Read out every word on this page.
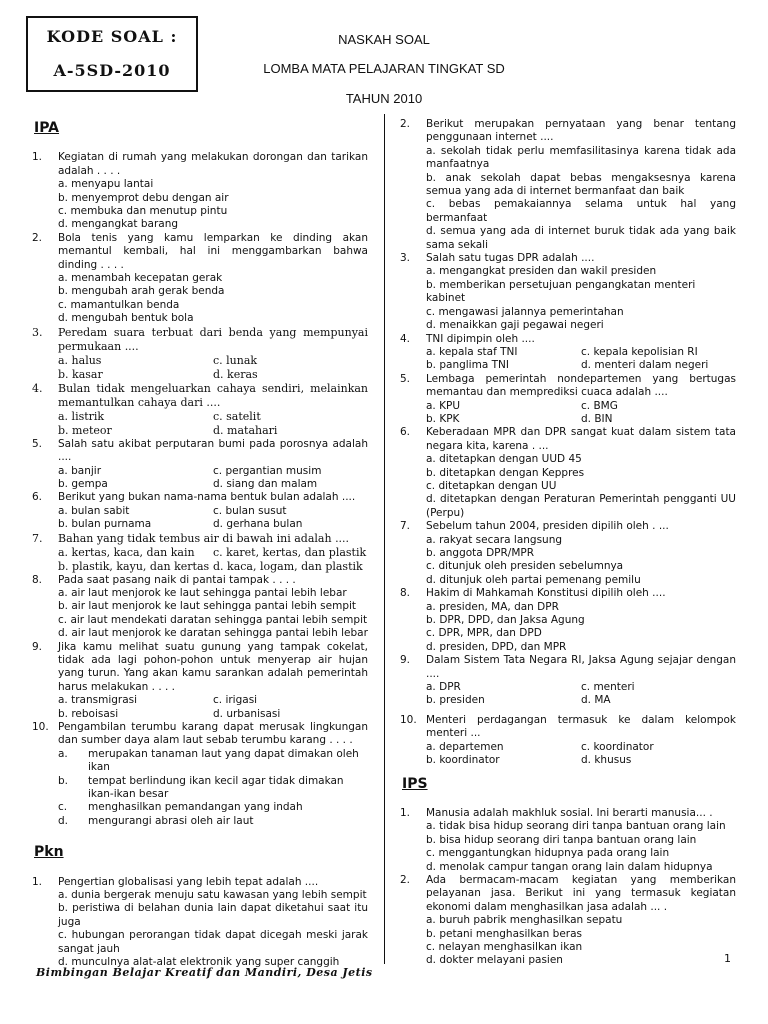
KODE SOAL :
A-5SD-2010
NASKAH SOAL
LOMBA MATA PELAJARAN TINGKAT SD
TAHUN 2010
IPA
1. Kegiatan di rumah yang melakukan dorongan dan tarikan adalah . . . .
a. menyapu lantai
b. menyemprot debu dengan air
c. membuka dan menutup pintu
d. mengangkat barang
2. Bola tenis yang kamu lemparkan ke dinding akan memantul kembali, hal ini menggambarkan bahwa dinding . . . .
a. menambah kecepatan gerak
b. mengubah arah gerak benda
c. mamantulkan benda
d. mengubah bentuk bola
3. Peredam suara terbuat dari benda yang mempunyai permukaan ....
a. halus	c. lunak
b. kasar	d. keras
4. Bulan tidak mengeluarkan cahaya sendiri, melainkan memantulkan cahaya dari ....
a. listrik	c. satelit
b. meteor	d. matahari
5. Salah satu akibat perputaran bumi pada porosnya adalah ....
a. banjir	c. pergantian musim
b. gempa	d. siang dan malam
6. Berikut yang bukan nama-nama bentuk bulan adalah ....
a. bulan sabit	c. bulan susut
b. bulan purnama	d. gerhana bulan
7. Bahan yang tidak tembus air di bawah ini adalah ....
a. kertas, kaca, dan kain	c. karet, kertas, dan plastik
b. plastik, kayu, dan kertas d. kaca, logam, dan plastik
8. Pada saat pasang naik di pantai tampak . . . .
a. air laut menjorok ke laut sehingga pantai lebih lebar
b. air laut menjorok ke laut sehingga pantai lebih sempit
c. air laut mendekati daratan sehingga pantai lebih sempit
d. air laut menjorok ke daratan sehingga pantai lebih lebar
9. Jika kamu melihat suatu gunung yang tampak cokelat, tidak ada lagi pohon-pohon untuk menyerap air hujan yang turun. Yang akan kamu sarankan adalah pemerintah harus melakukan . . . .
a. transmigrasi	c. irigasi
b. reboisasi	d. urbanisasi
10. Pengambilan terumbu karang dapat merusak lingkungan dan sumber daya alam laut sebab terumbu karang . . . .
a. merupakan tanaman laut yang dapat dimakan oleh ikan
b. tempat berlindung ikan kecil agar tidak dimakan ikan-ikan besar
c. menghasilkan pemandangan yang indah
d. mengurangi abrasi oleh air laut
Pkn
1. Pengertian globalisasi yang lebih tepat adalah ....
a. dunia bergerak menuju satu kawasan yang lebih sempit
b. peristiwa di belahan dunia lain dapat diketahui saat itu juga
c. hubungan perorangan tidak dapat dicegah meski jarak sangat jauh
d. munculnya alat-alat elektronik yang super canggih
2. Berikut merupakan pernyataan yang benar tentang penggunaan internet ....
a. sekolah tidak perlu memfasilitasinya karena tidak ada manfaatnya
b. anak sekolah dapat bebas mengaksesnya karena semua yang ada di internet bermanfaat dan baik
c. bebas pemakaiannya selama untuk hal yang bermanfaat
d. semua yang ada di internet buruk tidak ada yang baik sama sekali
3. Salah satu tugas DPR adalah ....
a. mengangkat presiden dan wakil presiden
b. memberikan persetujuan pengangkatan menteri kabinet
c. mengawasi jalannya pemerintahan
d. menaikkan gaji pegawai negeri
4. TNI dipimpin oleh ....
a. kepala staf TNI	c. kepala kepolisian RI
b. panglima TNI	d. menteri dalam negeri
5. Lembaga pemerintah nondepartemen yang bertugas memantau dan memprediksi cuaca adalah ....
a. KPU	c. BMG
b. KPK	d. BIN
6. Keberadaan MPR dan DPR sangat kuat dalam sistem tata negara kita, karena . ...
a. ditetapkan dengan UUD 45
b. ditetapkan dengan Keppres
c. ditetapkan dengan UU
d. ditetapkan dengan Peraturan Pemerintah pengganti UU (Perpu)
7. Sebelum tahun 2004, presiden dipilih oleh . ...
a. rakyat secara langsung
b. anggota DPR/MPR
c. ditunjuk oleh presiden sebelumnya
d. ditunjuk oleh partai pemenang pemilu
8. Hakim di Mahkamah Konstitusi dipilih oleh ....
a. presiden, MA, dan DPR
b. DPR, DPD, dan Jaksa Agung
c. DPR, MPR, dan DPD
d. presiden, DPD, dan MPR
9. Dalam Sistem Tata Negara RI, Jaksa Agung sejajar dengan ....
a. DPR	c. menteri
b. presiden	d. MA
10. Menteri perdagangan termasuk ke dalam kelompok menteri ...
a. departemen	c. koordinator
b. koordinator	d. khusus
IPS
1. Manusia adalah makhluk sosial. Ini berarti manusia... .
a. tidak bisa hidup seorang diri tanpa bantuan orang lain
b. bisa hidup seorang diri tanpa bantuan orang lain
c. menggantungkan hidupnya pada orang lain
d. menolak campur tangan orang lain dalam hidupnya
2. Ada bermacam-macam kegiatan yang memberikan pelayanan jasa. Berikut ini yang termasuk kegiatan ekonomi dalam menghasilkan jasa adalah ... .
a. buruh pabrik menghasilkan sepatu
b. petani menghasilkan beras
c. nelayan menghasilkan ikan
d. dokter melayani pasien	1
Bimbingan Belajar Kreatif dan Mandiri, Desa Jetis
